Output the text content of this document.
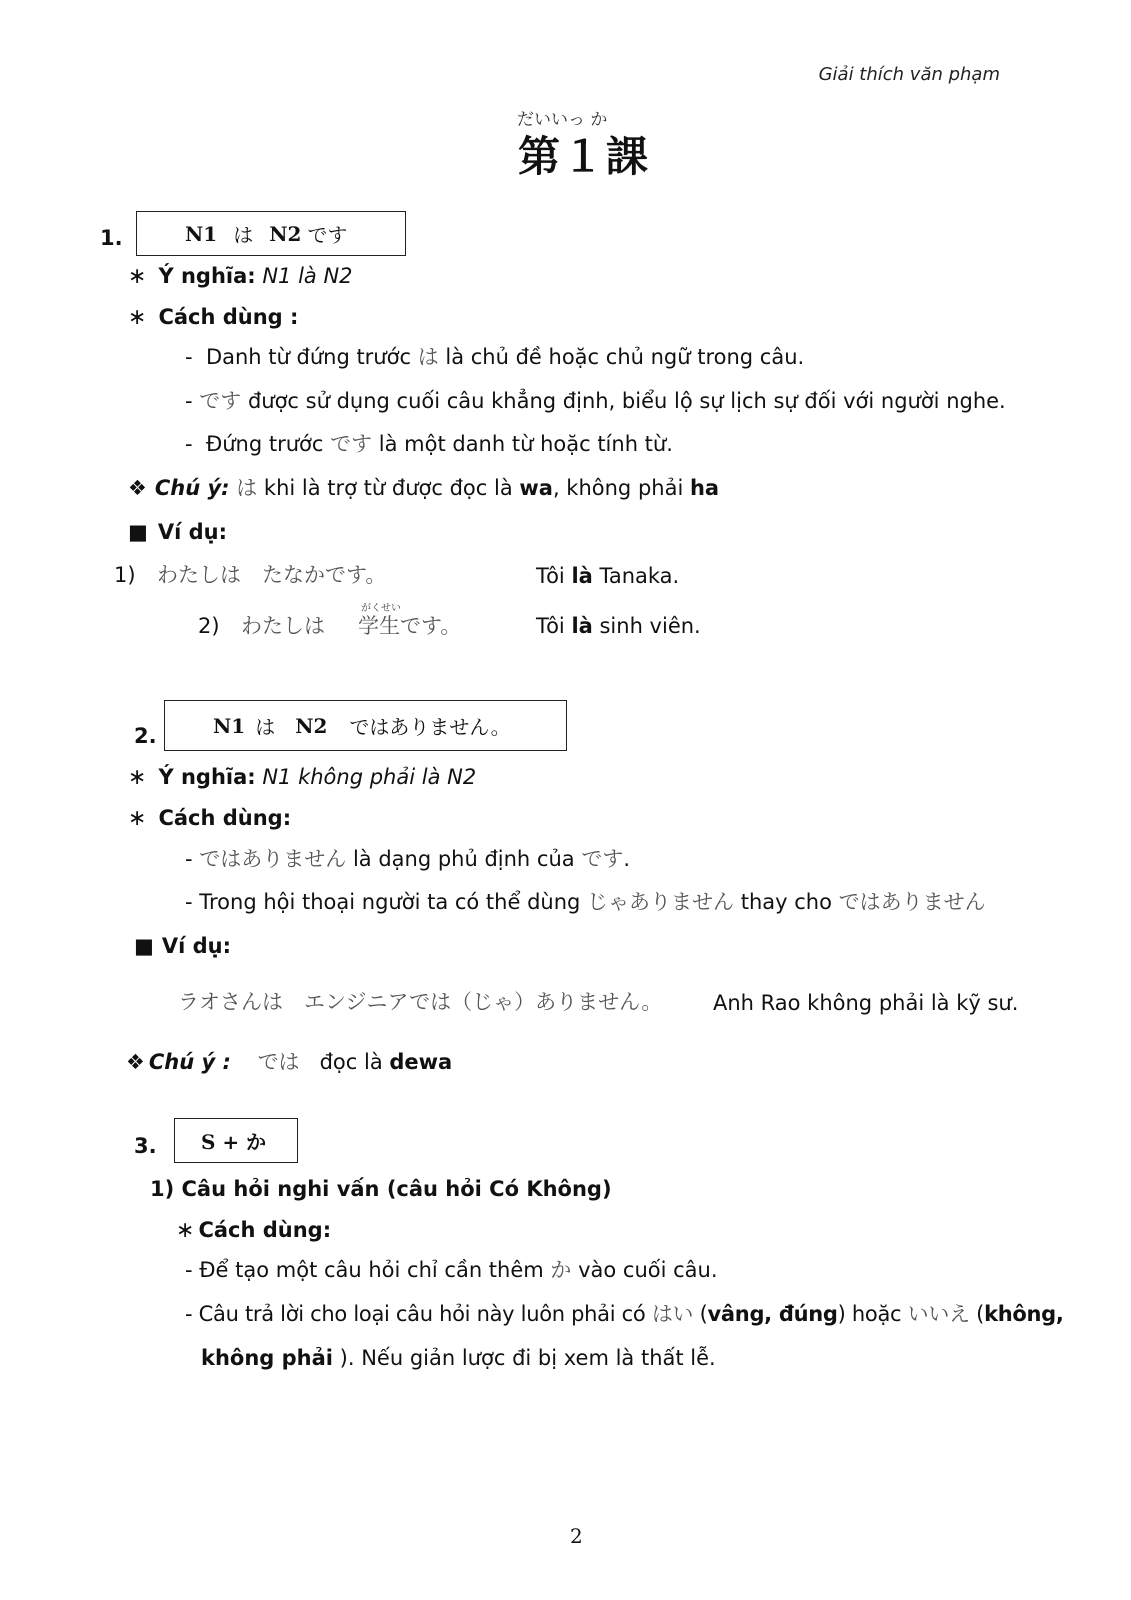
Giải thích văn phạm
だいいっ か
第１課
1.	N1 は N2 です
∗ Ý nghĩa: N1 là N2
∗ Cách dùng :
- Danh từ đứng trước は là chủ đề hoặc chủ ngữ trong câu.
- です được sử dụng cuối câu khẳng định, biểu lộ sự lịch sự đối với người nghe.
- Đứng trước です là một danh từ hoặc tính từ.
❖ Chú ý: は khi là trợ từ được đọc là wa, không phải ha
■ Ví dụ:
1) わたしは　たなかです。	Tôi là Tanaka.
2) わたしは
がくせい
学生です。	Tôi là sinh viên.
2.	N1 は N2 ではありません。
∗ Ý nghĩa: N1 không phải là N2
∗ Cách dùng:
- ではありません là dạng phủ định của です.
- Trong hội thoại người ta có thể dùng じゃありません thay cho ではありません
■ Ví dụ:
ラオさんは　エンジニアでは（じゃ）ありません。 Anh Rao không phải là kỹ sư.
❖ Chú ý : では   đọc là dewa
3. S + か
1) Câu hỏi nghi vấn (câu hỏi Có Không)
∗ Cách dùng:
- Để tạo một câu hỏi chỉ cần thêm か vào cuối câu.
- Câu trả lời cho loại câu hỏi này luôn phải có はい (vâng, đúng) hoặc いいえ (không,
không phải ). Nếu giản lược đi bị xem là thất lễ.
2
